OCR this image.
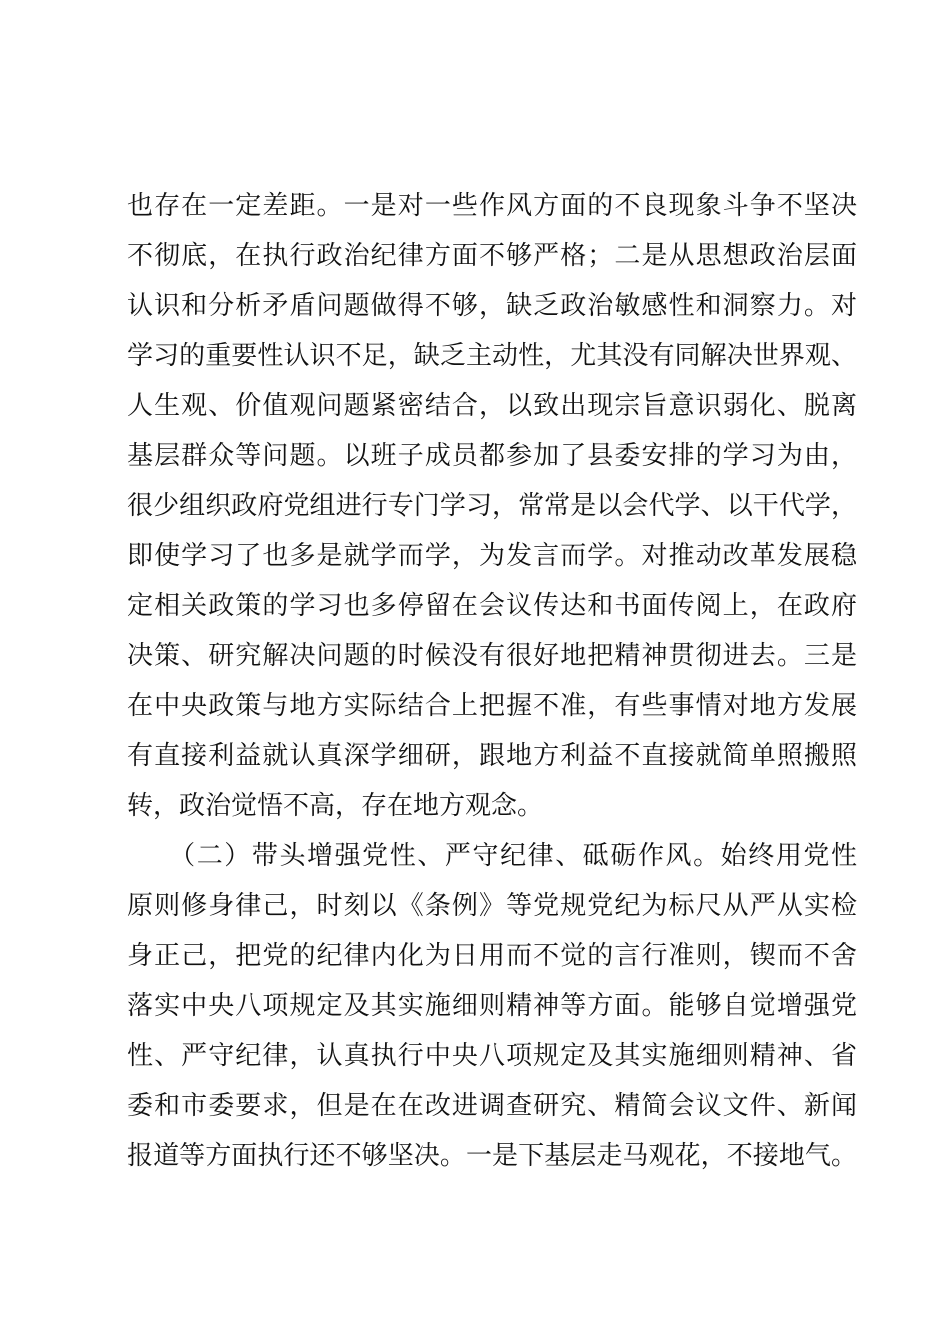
也存在一定差距。一是对一些作风方面的不良现象斗争不坚决
不彻底，在执行政治纪律方面不够严格；二是从思想政治层面
认识和分析矛盾问题做得不够，缺乏政治敏感性和洞察力。对
学习的重要性认识不足，缺乏主动性，尤其没有同解决世界观、
人生观、价值观问题紧密结合，以致出现宗旨意识弱化、脱离
基层群众等问题。以班子成员都参加了县委安排的学习为由，
很少组织政府党组进行专门学习，常常是以会代学、以干代学，
即使学习了也多是就学而学，为发言而学。对推动改革发展稳
定相关政策的学习也多停留在会议传达和书面传阅上，在政府
决策、研究解决问题的时候没有很好地把精神贯彻进去。三是
在中央政策与地方实际结合上把握不准，有些事情对地方发展
有直接利益就认真深学细研，跟地方利益不直接就简单照搬照
转，政治觉悟不高，存在地方观念。
　　（二）带头增强党性、严守纪律、砥砺作风。始终用党性
原则修身律己，时刻以《条例》等党规党纪为标尺从严从实检
身正己，把党的纪律内化为日用而不觉的言行准则，锲而不舍
落实中央八项规定及其实施细则精神等方面。能够自觉增强党
性、严守纪律，认真执行中央八项规定及其实施细则精神、省
委和市委要求，但是在在改进调查研究、精简会议文件、新闻
报道等方面执行还不够坚决。一是下基层走马观花，不接地气。
